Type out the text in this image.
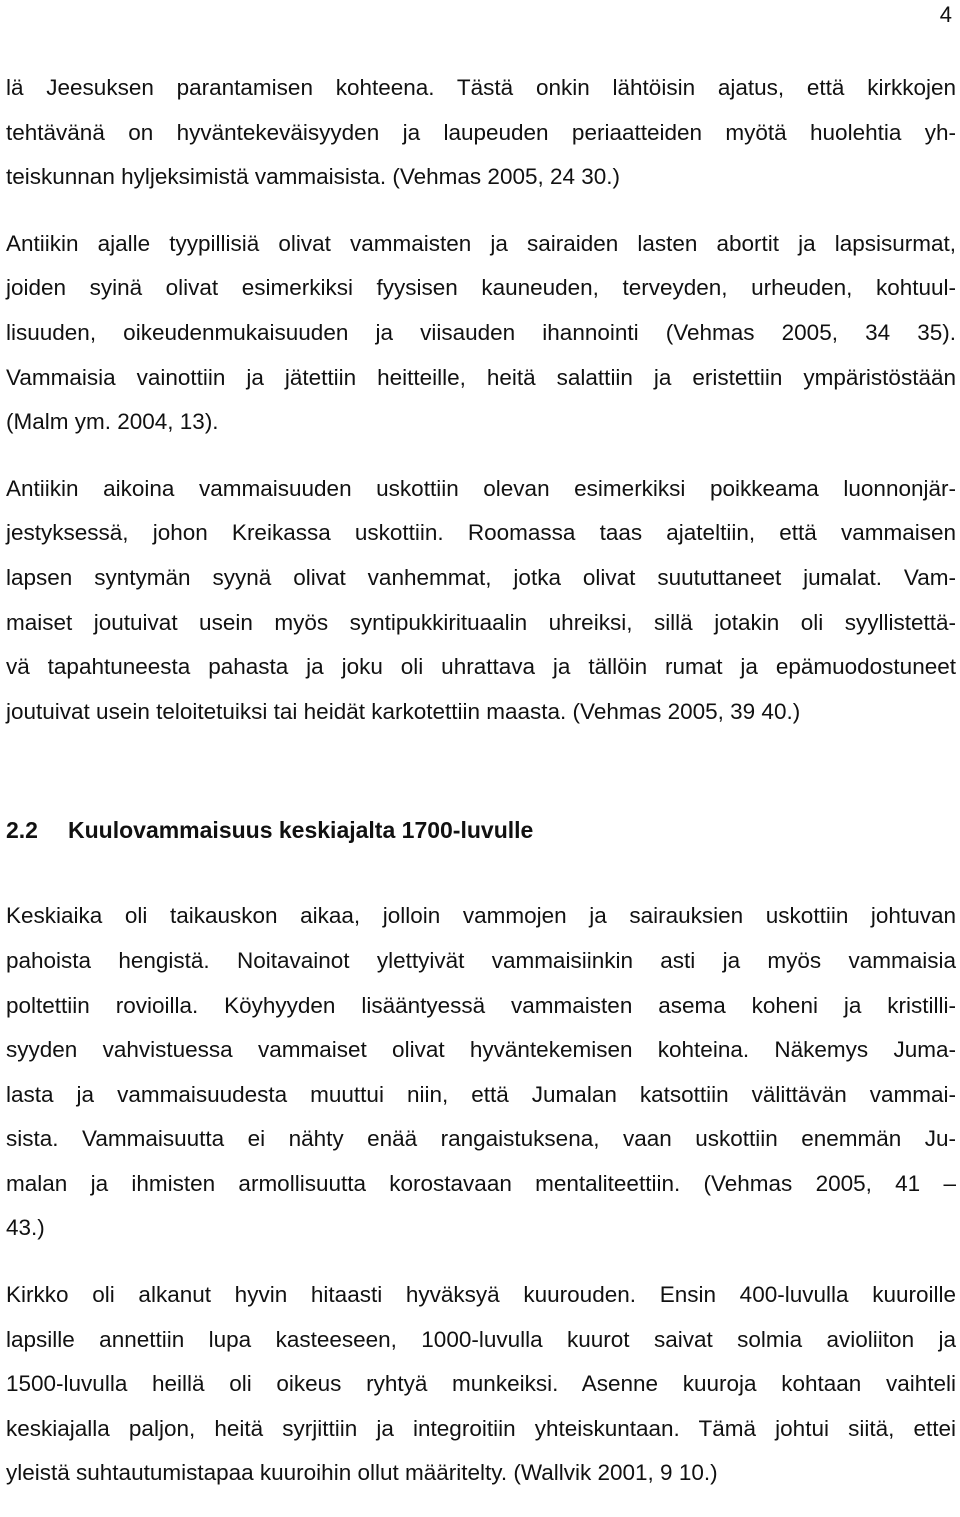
4
lä Jeesuksen parantamisen kohteena. Tästä onkin lähtöisin ajatus, että kirkkojen
tehtävänä on hyväntekeväisyyden ja laupeuden periaatteiden myötä huolehtia yh-
teiskunnan hyljeksimistä vammaisista. (Vehmas 2005, 24 30.)
Antiikin ajalle tyypillisiä olivat vammaisten ja sairaiden lasten abortit ja lapsisurmat,
joiden syinä olivat esimerkiksi fyysisen kauneuden, terveyden, urheuden, kohtuul-
lisuuden, oikeudenmukaisuuden ja viisauden ihannointi (Vehmas 2005, 34 35).
Vammaisia vainottiin ja jätettiin heitteille, heitä salattiin ja eristettiin ympäristöstään
(Malm ym. 2004, 13).
Antiikin aikoina vammaisuuden uskottiin olevan esimerkiksi poikkeama luonnonjär-
jestyksessä, johon Kreikassa uskottiin. Roomassa taas ajateltiin, että vammaisen
lapsen syntymän syynä olivat vanhemmat, jotka olivat suututtaneet jumalat. Vam-
maiset joutuivat usein myös syntipukkirituaalin uhreiksi, sillä jotakin oli syyllistettä-
vä tapahtuneesta pahasta ja joku oli uhrattava ja tällöin rumat ja epämuodostuneet
joutuivat usein teloitetuiksi tai heidät karkotettiin maasta. (Vehmas 2005, 39 40.)
2.2 Kuulovammaisuus keskiajalta 1700-luvulle
Keskiaika oli taikauskon aikaa, jolloin vammojen ja sairauksien uskottiin johtuvan
pahoista hengistä. Noitavainot ylettyivät vammaisiinkin asti ja myös vammaisia
poltettiin rovioilla. Köyhyyden lisääntyessä vammaisten asema koheni ja kristilli-
syyden vahvistuessa vammaiset olivat hyväntekemisen kohteina. Näkemys Juma-
lasta ja vammaisuudesta muuttui niin, että Jumalan katsottiin välittävän vammai-
sista. Vammaisuutta ei nähty enää rangaistuksena, vaan uskottiin enemmän Ju-
malan ja ihmisten armollisuutta korostavaan mentaliteettiin. (Vehmas 2005, 41 –
43.)
Kirkko oli alkanut hyvin hitaasti hyväksyä kuurouden. Ensin 400-luvulla kuuroille
lapsille annettiin lupa kasteeseen, 1000-luvulla kuurot saivat solmia avioliiton ja
1500-luvulla heillä oli oikeus ryhtyä munkeiksi. Asenne kuuroja kohtaan vaihteli
keskiajalla paljon, heitä syrjittiin ja integroitiin yhteiskuntaan. Tämä johtui siitä, ettei
yleistä suhtautumistapaa kuuroihin ollut määritelty. (Wallvik 2001, 9 10.)
